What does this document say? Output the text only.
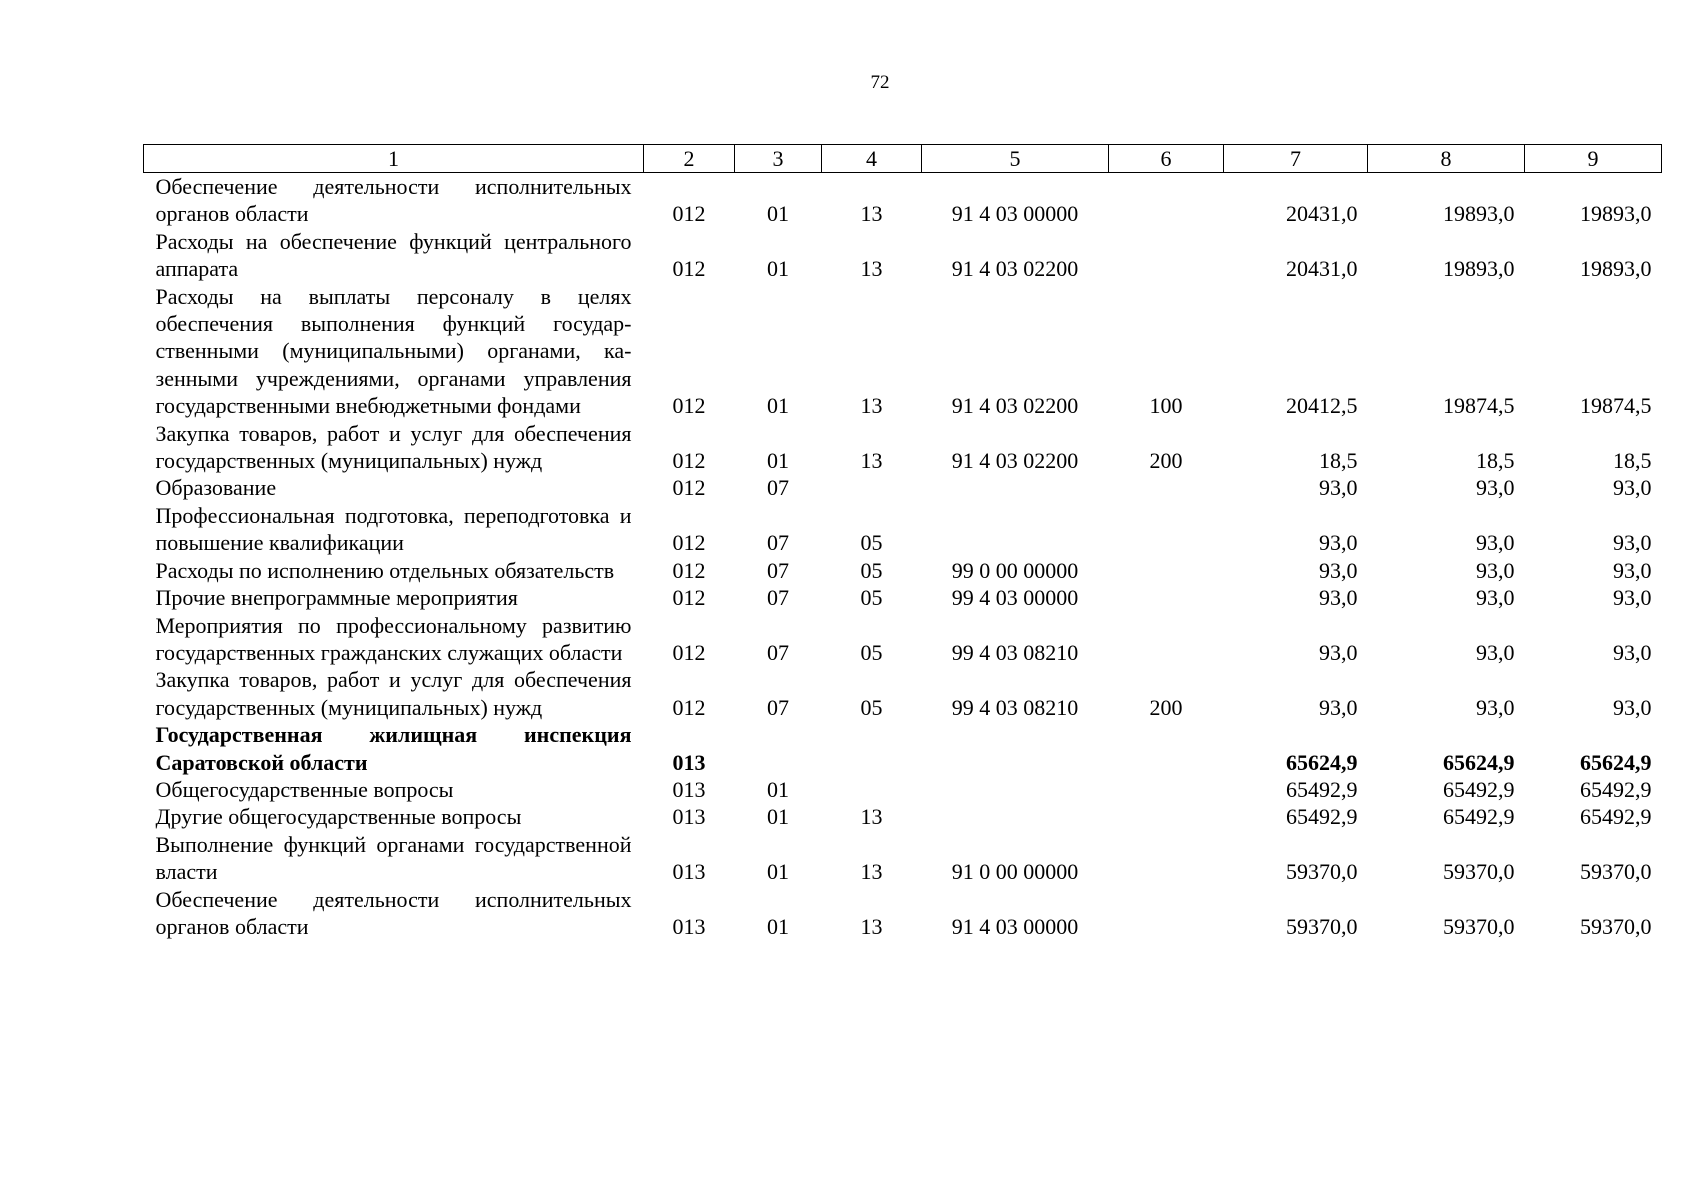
72
1	2	3	4	5	6	7	8	9
Обеспечение деятельности исполнительных органов области	012	01	13	91 4 03 00000		20431,0	19893,0	19893,0
Расходы на обеспечение функций центрального аппарата	012	01	13	91 4 03 02200		20431,0	19893,0	19893,0
Расходы на выплаты персоналу в целях обеспечения выполнения функций государственными (муниципальными) органами, казенными учреждениями, органами управления государственными внебюджетными фондами	012	01	13	91 4 03 02200	100	20412,5	19874,5	19874,5
Закупка товаров, работ и услуг для обеспечения государственных (муниципальных) нужд	012	01	13	91 4 03 02200	200	18,5	18,5	18,5
Образование	012	07				93,0	93,0	93,0
Профессиональная подготовка, переподготовка и повышение квалификации	012	07	05			93,0	93,0	93,0
Расходы по исполнению отдельных обязательств	012	07	05	99 0 00 00000		93,0	93,0	93,0
Прочие внепрограммные мероприятия	012	07	05	99 4 03 00000		93,0	93,0	93,0
Мероприятия по профессиональному развитию государственных гражданских служащих области	012	07	05	99 4 03 08210		93,0	93,0	93,0
Закупка товаров, работ и услуг для обеспечения государственных (муниципальных) нужд	012	07	05	99 4 03 08210	200	93,0	93,0	93,0
Государственная жилищная инспекция Саратовской области	013					65624,9	65624,9	65624,9
Общегосударственные вопросы	013	01				65492,9	65492,9	65492,9
Другие общегосударственные вопросы	013	01	13			65492,9	65492,9	65492,9
Выполнение функций органами государственной власти	013	01	13	91 0 00 00000		59370,0	59370,0	59370,0
Обеспечение деятельности исполнительных органов области	013	01	13	91 4 03 00000		59370,0	59370,0	59370,0
